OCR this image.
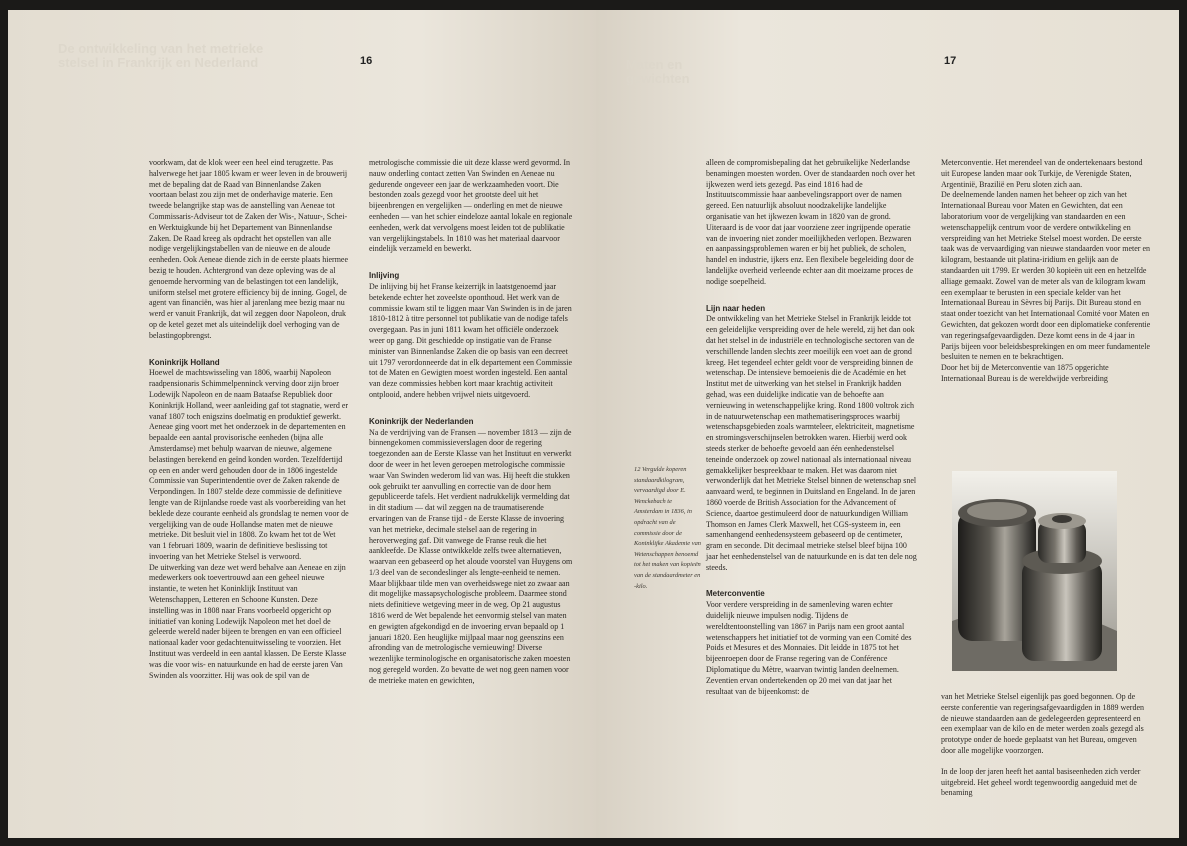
De ontwikkeling van het metrieke
stelsel in Frankrijk en Nederland	16

voorkwam, dat de klok weer een heel eind terugzette. Pas halverwege het jaar 1805 kwam er weer leven in de brouwerij met de bepaling dat de Raad van Binnenlandse Zaken voortaan belast zou zijn met de onderhavige materie. Een tweede belangrijke stap was de aanstelling van Aeneae tot Commissaris-Adviseur tot de Zaken der Wis-, Natuur-, Schei- en Werktuigkunde bij het Departement van Binnenlandse Zaken. De Raad kreeg als opdracht het opstellen van alle nodige vergelijkingstabellen van de nieuwe en de aloude eenheden. Ook Aeneae diende zich in de eerste plaats hiermee bezig te houden. Achtergrond van deze opleving was de al genoemde hervorming van de belastingen tot een landelijk, uniform stelsel met grotere efficiency bij de inning. Gogel, de agent van financiën, was hier al jarenlang mee bezig maar nu werd er vanuit Frankrijk, dat wil zeggen door Napoleon, druk op de ketel gezet met als uiteindelijk doel verhoging van de belastingopbrengst.

Koninkrijk Holland

Hoewel de machtswisseling van 1806, waarbij Napoleon raadpensionaris Schimmelpenninck verving door zijn broer Lodewijk Napoleon en de naam Bataafse Republiek door Koninkrijk Holland, weer aanleiding gaf tot stagnatie, werd er vanaf 1807 toch enigszins doelmatig en produktief gewerkt. Aeneae ging voort met het onderzoek in de departementen en bepaalde een aantal provisorische eenheden (bijna alle Amsterdamse) met behulp waarvan de nieuwe, algemene belastingen berekend en geïnd konden worden. Tezelfdertijd op een en ander werd gehouden door de in 1806 ingestelde Commissie van Superintendentie over de Zaken rakende de Verpondingen. In 1807 stelde deze commissie de definitieve lengte van de Rijnlandse roede vast als voorbereiding van het beklede deze courante eenheid als grondslag te nemen voor de vergelijking van de oude Hollandse maten met de nieuwe metrieke. Dit besluit viel in 1808. Zo kwam het tot de Wet van 1 februari 1809, waarin de definitieve beslissing tot invoering van het Metrieke Stelsel is verwoord.

De uitwerking van deze wet werd behalve aan Aeneae en zijn medewerkers ook toevertrouwd aan een geheel nieuwe instantie, te weten het Koninklijk Instituut van Wetenschappen, Letteren en Schoone Kunsten. Deze instelling was in 1808 naar Frans voorbeeld opgericht op initiatief van koning Lodewijk Napoleon met het doel de geleerde wereld nader bijeen te brengen en van een officieel nationaal kader voor gedachtenuitwisseling te voorzien. Het Instituut was verdeeld in een aantal klassen. De Eerste Klasse was die voor wis- en natuurkunde en had de eerste jaren Van Swinden als voorzitter. Hij was ook de spil van de

metrologische commissie die uit deze klasse werd gevormd. In nauw onderling contact zetten Van Swinden en Aeneae nu gedurende ongeveer een jaar de werkzaamheden voort. Die bestonden zoals gezegd voor het grootste deel uit het bijeenbrengen en vergelijken — onderling en met de nieuwe eenheden — van het schier eindeloze aantal lokale en regionale eenheden, werk dat vervolgens moest leiden tot de publikatie van vergelijkingstabels. In 1810 was het materiaal daarvoor eindelijk verzameld en bewerkt.

Inlijving

De inlijving bij het Franse keizerrijk in laatstgenoemd jaar betekende echter het zoveelste oponthoud. Het werk van de commissie kwam stil te liggen maar Van Swinden is in de jaren 1810-1812 à titre personnel tot publikatie van de nodige tafels overgegaan. Pas in juni 1811 kwam het officiële onderzoek weer op gang. Dit geschiedde op instigatie van de Franse minister van Binnenlandse Zaken die op basis van een decreet uit 1797 verordonneerde dat in elk departement een Commissie tot de Maten en Gewigten moest worden ingesteld. Een aantal van deze commissies hebben kort maar krachtig activiteit ontplooid, andere hebben vrijwel niets uitgevoerd.

Koninkrijk der Nederlanden

Na de verdrijving van de Fransen — november 1813 — zijn de binnengekomen commissieverslagen door de regering toegezonden aan de Eerste Klasse van het Instituut en verwerkt door de weer in het leven geroepen metrologische commissie waar Van Swinden wederom lid van was. Hij heeft die stukken ook gebruikt ter aanvulling en correctie van de door hem gepubliceerde tafels. Het verdient nadrukkelijk vermelding dat in dit stadium — dat wil zeggen na de traumatiserende ervaringen van de Franse tijd - de Eerste Klasse de invoering van het metrieke, decimale stelsel aan de regering in heroverweging gaf. Dit vanwege de Franse reuk die het aankleefde. De Klasse ontwikkelde zelfs twee alternatieven, waarvan een gebaseerd op het aloude voorstel van Huygens om 1/3 deel van de secondeslinger als lengte-eenheid te nemen. Maar blijkbaar tilde men van overheidswege niet zo zwaar aan dit mogelijke massapsychologische probleem. Daarmee stond niets definitieve wetgeving meer in de weg. Op 21 augustus 1816 werd de Wet bepalende het eenvormig stelsel van maten en gewigten afgekondigd en de invoering ervan bepaald op 1 januari 1820. Een heuglijke mijlpaal maar nog geenszins een afronding van de metrologische vernieuwing! Diverse wezenlijke terminologische en organisatorische zaken moesten nog geregeld worden. Zo bevatte de wet nog geen namen voor de metrieke maten en gewichten,

Maten en
gewichten
17
12 Vergulde koperen standaardkilogram, vervaardigd door E. Wenckebach te Amsterdam in 1836, in opdracht van de commissie door de Koninklijke Akademie van Wetenschappen benoemd tot het maken van kopieën van de standaardmeter en -kilo.

alleen de compromisbepaling dat het gebruikelijke Nederlandse benamingen moesten worden. Over de standaarden noch over het ijkwezen werd iets gezegd. Pas eind 1816 had de Instituutscommissie haar aanbevelingsrapport over de namen gereed. Een natuurlijk absoluut noodzakelijke landelijke organisatie van het ijkwezen kwam in 1820 van de grond. Uiteraard is de voor dat jaar voorziene zeer ingrijpende operatie van de invoering niet zonder moeilijkheden verlopen. Bezwaren en aanpassingsproblemen waren er bij het publiek, de scholen, handel en industrie, ijkers enz. Een flexibele begeleiding door de landelijke overheid verleende echter aan dit moeizame proces de nodige soepelheid.

Lijn naar heden

De ontwikkeling van het Metrieke Stelsel in Frankrijk leidde tot een geleidelijke verspreiding over de hele wereld, zij het dan ook dat het stelsel in de industriële en technologische sectoren van de verschillende landen slechts zeer moeilijk een voet aan de grond kreeg. Het tegendeel echter geldt voor de verspreiding binnen de wetenschap. De intensieve bemoeienis die de Académie en het Institut met de uitwerking van het stelsel in Frankrijk hadden gehad, was een duidelijke indicatie van de behoefte aan vernieuwing in wetenschappelijke kring. Rond 1800 voltrok zich in de natuurwetenschap een mathematiseringsproces waarbij wetenschapsgebieden zoals warmteleer, elektriciteit, magnetisme en stromingsverschijnselen betrokken waren. Hierbij werd ook steeds sterker de behoefte gevoeld aan één eenhedenstelsel teneinde onderzoek op zowel nationaal als internationaal niveau gemakkelijker bespreekbaar te maken. Het was daarom niet verwonderlijk dat het Metrieke Stelsel binnen de wetenschap snel aanvaard werd, te beginnen in Duitsland en Engeland. In de jaren 1860 voerde de British Association for the Advancement of Science, daartoe gestimuleerd door de natuurkundigen William Thomson en James Clerk Maxwell, het CGS-systeem in, een samenhangend eenhedensysteem gebaseerd op de centimeter, gram en seconde. Dit decimaal metrieke stelsel bleef bijna 100 jaar het eenhedenstelsel van de natuurkunde en is dat ten dele nog steeds.

Meterconventie

Voor verdere verspreiding in de samenleving waren echter duidelijk nieuwe impulsen nodig. Tijdens de wereldtentoonstelling van 1867 in Parijs nam een groot aantal wetenschappers het initiatief tot de vorming van een Comité des Poids et Mesures et des Monnaies. Dit leidde in 1875 tot het bijeenroepen door de Franse regering van de Conférence Diplomatique du Mètre, waarvan twintig landen deelnemen. Zeventien ervan ondertekenden op 20 mei van dat jaar het resultaat van de bijeenkomst: de

Meterconventie. Het merendeel van de ondertekenaars bestond uit Europese landen maar ook Turkije, de Verenigde Staten, Argentinië, Brazilië en Peru sloten zich aan.

De deelnemende landen namen het beheer op zich van het Internationaal Bureau voor Maten en Gewichten, dat een laboratorium voor de vergelijking van standaarden en een wetenschappelijk centrum voor de verdere ontwikkeling en verspreiding van het Metrieke Stelsel moest worden. De eerste taak was de vervaardiging van nieuwe standaarden voor meter en kilogram, bestaande uit platina-iridium en gelijk aan de standaarden uit 1799. Er werden 30 kopieën uit een en hetzelfde alliage gemaakt. Zowel van de meter als van de kilogram kwam een exemplaar te berusten in een speciale kelder van het Internationaal Bureau in Sèvres bij Parijs. Dit Bureau stond en staat onder toezicht van het Internationaal Comité voor Maten en Gewichten, dat gekozen wordt door een diplomatieke conferentie van regeringsafgevaardigden. Deze komt eens in de 4 jaar in Parijs bijeen voor beleidsbesprekingen en om meer fundamentele besluiten te nemen en te bekrachtigen.

Door het bij de Meterconventie van 1875 opgerichte Internationaal Bureau is de wereldwijde verbreiding

van het Metrieke Stelsel eigenlijk pas goed begonnen. Op de eerste conferentie van regeringsafgevaardigden in 1889 werden de nieuwe standaarden aan de gedelegeerden gepresenteerd en een exemplaar van de kilo en de meter werden zoals gezegd als prototype onder de hoede geplaatst van het Bureau, omgeven door alle mogelijke voorzorgen.

In de loop der jaren heeft het aantal basiseenheden zich verder uitgebreid. Het geheel wordt tegenwoordig aangeduid met de benaming
